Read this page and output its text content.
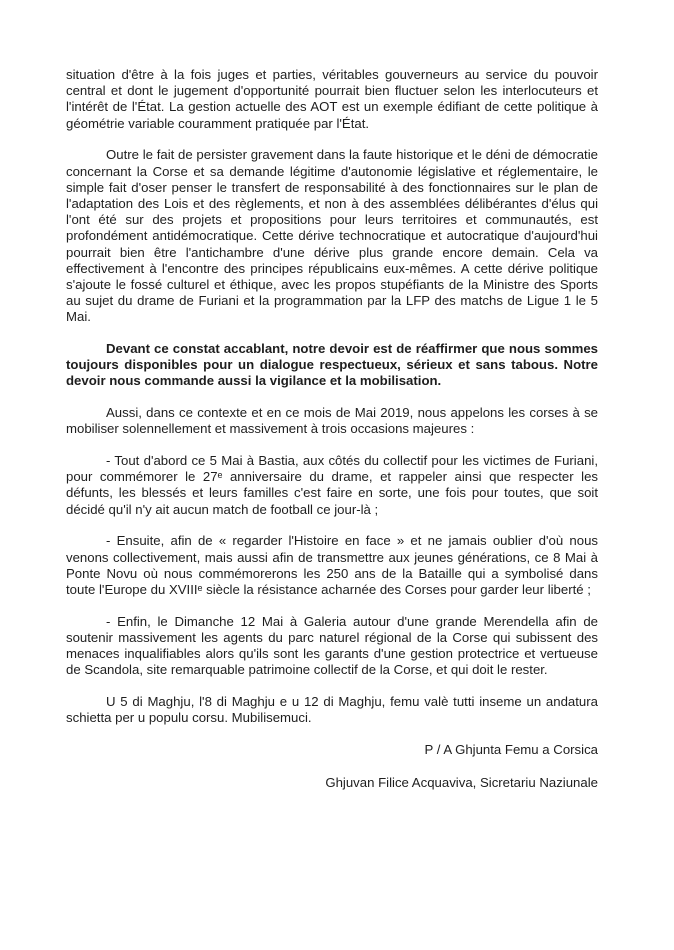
situation d'être à la fois juges et parties, véritables gouverneurs au service du pouvoir central et dont le jugement d'opportunité pourrait bien fluctuer selon les interlocuteurs et l'intérêt de l'État. La gestion actuelle des AOT est un exemple édifiant de cette politique à géométrie variable couramment pratiquée par l'État.

Outre le fait de persister gravement dans la faute historique et le déni de démocratie concernant la Corse et sa demande légitime d'autonomie législative et réglementaire, le simple fait d'oser penser le transfert de responsabilité à des fonctionnaires sur le plan de l'adaptation des Lois et des règlements, et non à des assemblées délibérantes d'élus qui l'ont été sur des projets et propositions pour leurs territoires et communautés, est profondément antidémocratique. Cette dérive technocratique et autocratique d'aujourd'hui pourrait bien être l'antichambre d'une dérive plus grande encore demain. Cela va effectivement à l'encontre des principes républicains eux-mêmes. A cette dérive politique s'ajoute le fossé culturel et éthique, avec les propos stupéfiants de la Ministre des Sports au sujet du drame de Furiani et la programmation par la LFP des matchs de Ligue 1 le 5 Mai.

Devant ce constat accablant, notre devoir est de réaffirmer que nous sommes toujours disponibles pour un dialogue respectueux, sérieux et sans tabous. Notre devoir nous commande aussi la vigilance et la mobilisation.

Aussi, dans ce contexte et en ce mois de Mai 2019, nous appelons les corses à se mobiliser solennellement et massivement à trois occasions majeures :

- Tout d'abord ce 5 Mai à Bastia, aux côtés du collectif pour les victimes de Furiani, pour commémorer le 27ᵉ anniversaire du drame, et rappeler ainsi que respecter les défunts, les blessés et leurs familles c'est faire en sorte, une fois pour toutes, que soit décidé qu'il n'y ait aucun match de football ce jour-là ;

- Ensuite, afin de « regarder l'Histoire en face » et ne jamais oublier d'où nous venons collectivement, mais aussi afin de transmettre aux jeunes générations, ce 8 Mai à Ponte Novu où nous commémorerons les 250 ans de la Bataille qui a symbolisé dans toute l'Europe du XVIIIᵉ siècle la résistance acharnée des Corses pour garder leur liberté ;

- Enfin, le Dimanche 12 Mai à Galeria autour d'une grande Merendella afin de soutenir massivement les agents du parc naturel régional de la Corse qui subissent des menaces inqualifiables alors qu'ils sont les garants d'une gestion protectrice et vertueuse de Scandola, site remarquable patrimoine collectif de la Corse, et qui doit le rester.

U 5 di Maghju, l'8 di Maghju e u 12 di Maghju, femu valè tutti inseme un andatura schietta per u populu corsu. Mubilisemuci.

P / A Ghjunta Femu a Corsica

Ghjuvan Filice Acquaviva, Sicretariu Naziunale
